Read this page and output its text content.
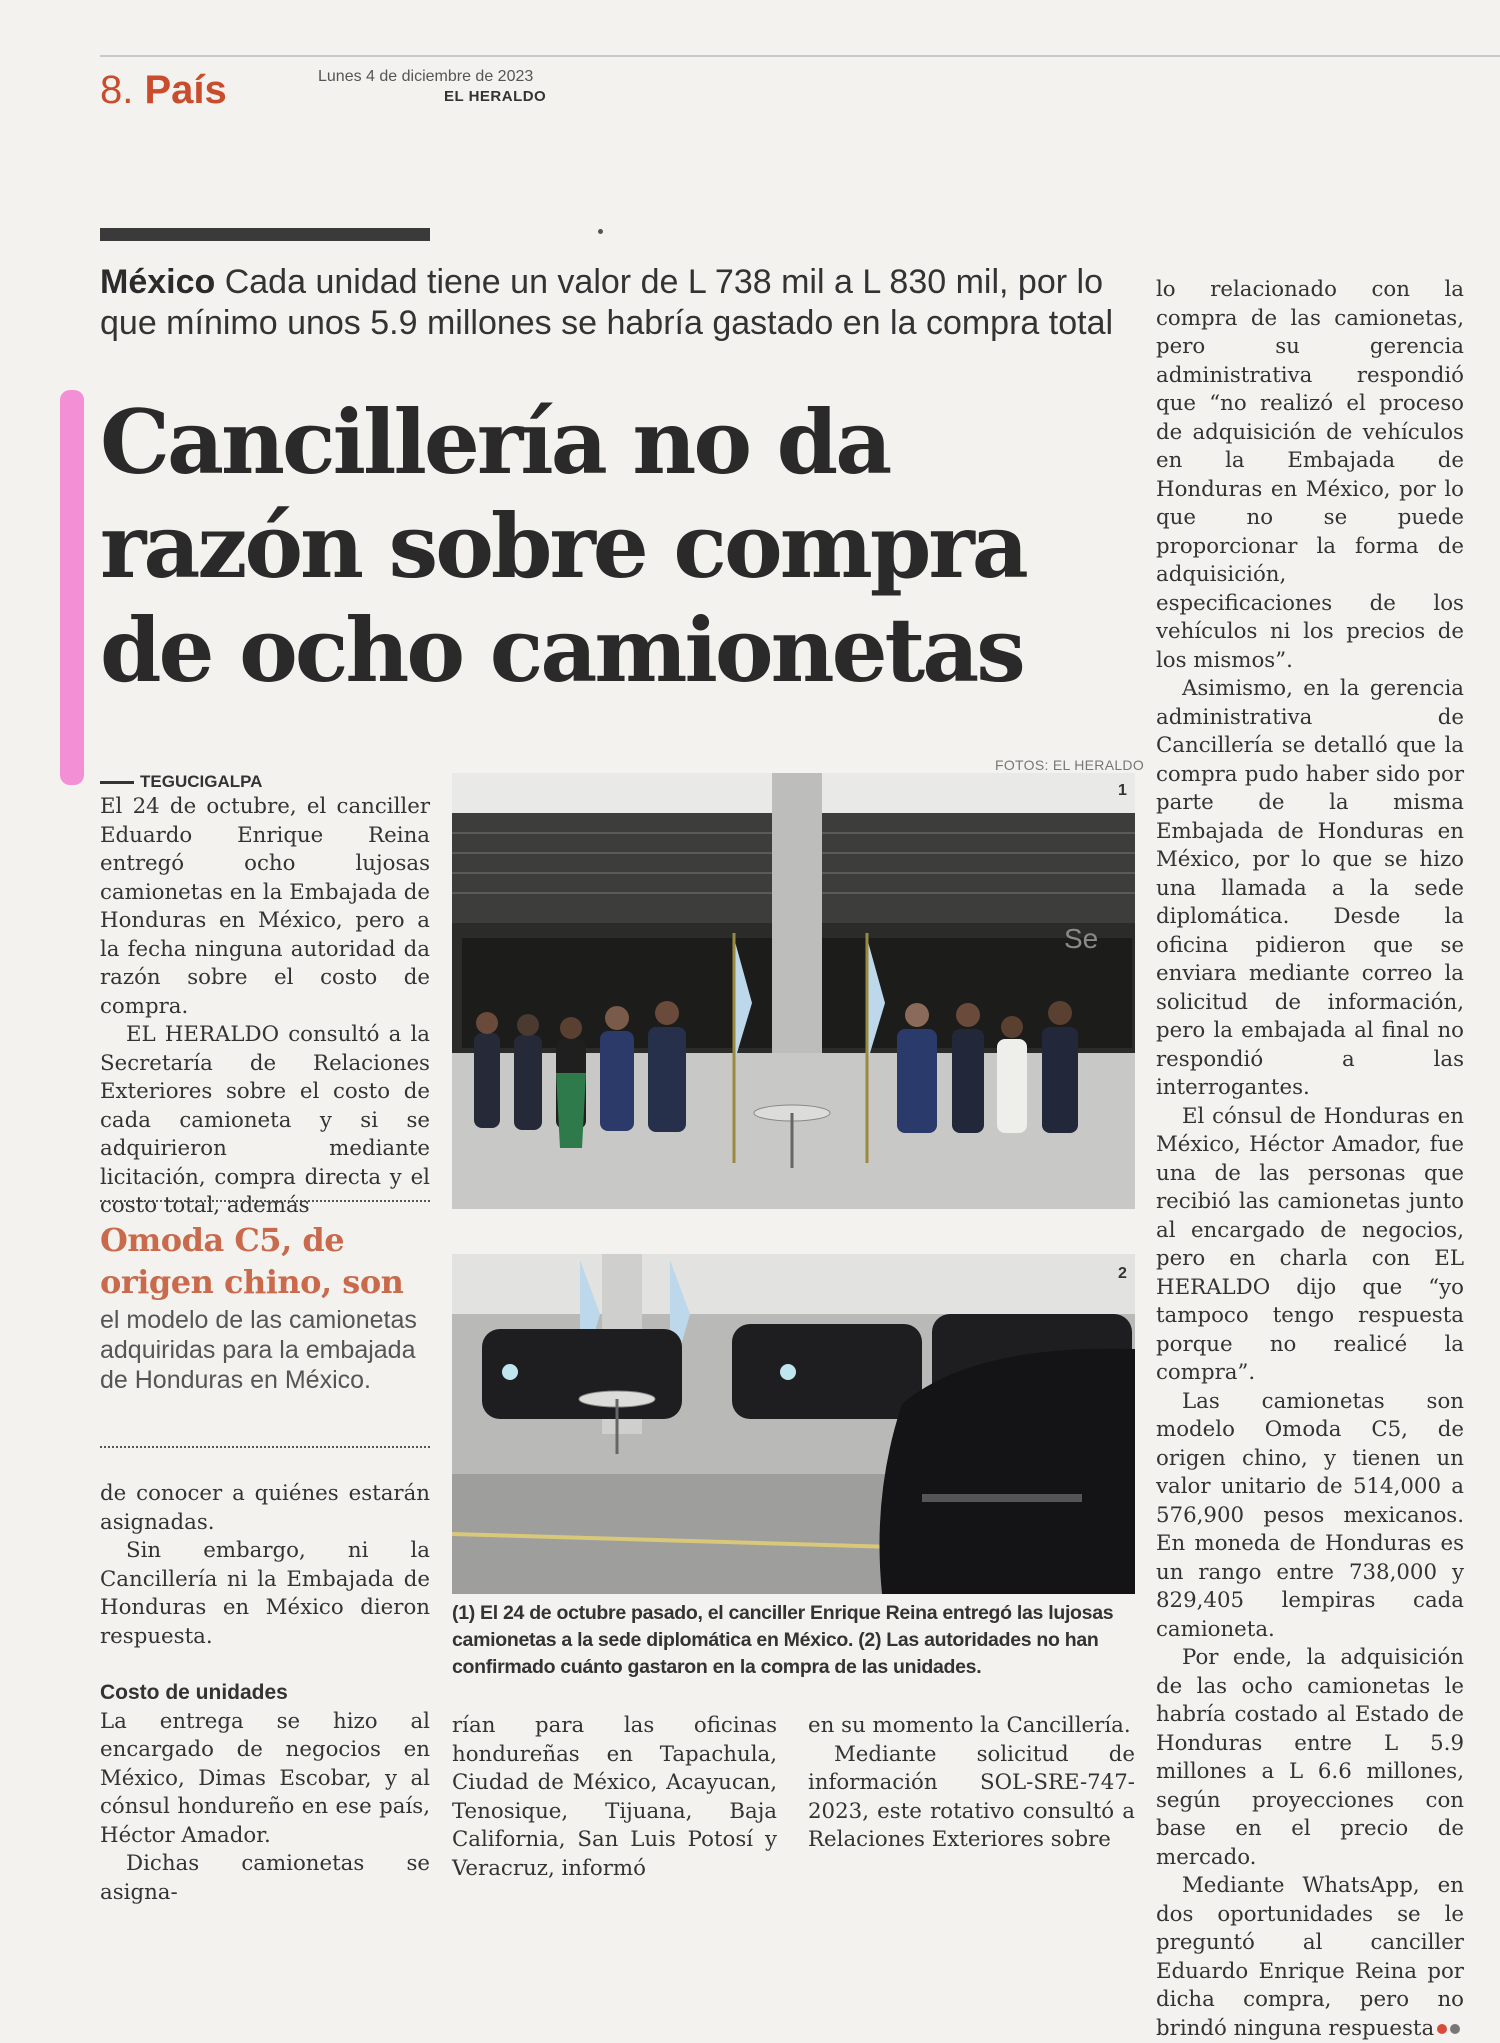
8. País	Lunes 4 de diciembre de 2023
EL HERALDO
México Cada unidad tiene un valor de L 738 mil a L 830 mil, por lo que mínimo unos 5.9 millones se habría gastado en la compra total
Cancillería no da razón sobre compra de ocho camionetas
TEGUCIGALPA

El 24 de octubre, el canciller Eduardo Enrique Reina entregó ocho lujosas camionetas en la Embajada de Honduras en México, pero a la fecha ninguna autoridad da razón sobre el costo de compra.

EL HERALDO consultó a la Secretaría de Relaciones Exteriores sobre el costo de cada camioneta y si se adquirieron mediante licitación, compra directa y el costo total, además

Omoda C5, de origen chino, son
el modelo de las camionetas adquiridas para la embajada de Honduras en México.

de conocer a quiénes estarán asignadas.

Sin embargo, ni la Cancillería ni la Embajada de Honduras en México dieron respuesta.

Costo de unidades

La entrega se hizo al encargado de negocios en México, Dimas Escobar, y al cónsul hondureño en ese país, Héctor Amador.

Dichas camionetas se asigna-

FOTOS: EL HERALDO
Se
1
2
(1) El 24 de octubre pasado, el canciller Enrique Reina entregó las lujosas camionetas a la sede diplomática en México. (2) Las autoridades no han confirmado cuánto gastaron en la compra de las unidades.

rían para las oficinas hondureñas en Tapachula, Ciudad de México, Acayucan, Tenosique, Tijuana, Baja California, San Luis Potosí y Veracruz, informó

en su momento la Cancillería.

Mediante solicitud de información SOL-SRE-747-2023, este rotativo consultó a Relaciones Exteriores sobre

lo relacionado con la compra de las camionetas, pero su gerencia administrativa respondió que “no realizó el proceso de adquisición de vehículos en la Embajada de Honduras en México, por lo que no se puede proporcionar la forma de adquisición, especificaciones de los vehículos ni los precios de los mismos”.

Asimismo, en la gerencia administrativa de Cancillería se detalló que la compra pudo haber sido por parte de la misma Embajada de Honduras en México, por lo que se hizo una llamada a la sede diplomática. Desde la oficina pidieron que se enviara mediante correo la solicitud de información, pero la embajada al final no respondió a las interrogantes.

El cónsul de Honduras en México, Héctor Amador, fue una de las personas que recibió las camionetas junto al encargado de negocios, pero en charla con EL HERALDO dijo que “yo tampoco tengo respuesta porque no realicé la compra”.

Las camionetas son modelo Omoda C5, de origen chino, y tienen un valor unitario de 514,000 a 576,900 pesos mexicanos. En moneda de Honduras es un rango entre 738,000 y 829,405 lempiras cada camioneta.

Por ende, la adquisición de las ocho camionetas le habría costado al Estado de Honduras entre L 5.9 millones a L 6.6 millones, según proyecciones con base en el precio de mercado.

Mediante WhatsApp, en dos oportunidades se le preguntó al canciller Eduardo Enrique Reina por dicha compra, pero no brindó ninguna respuesta
